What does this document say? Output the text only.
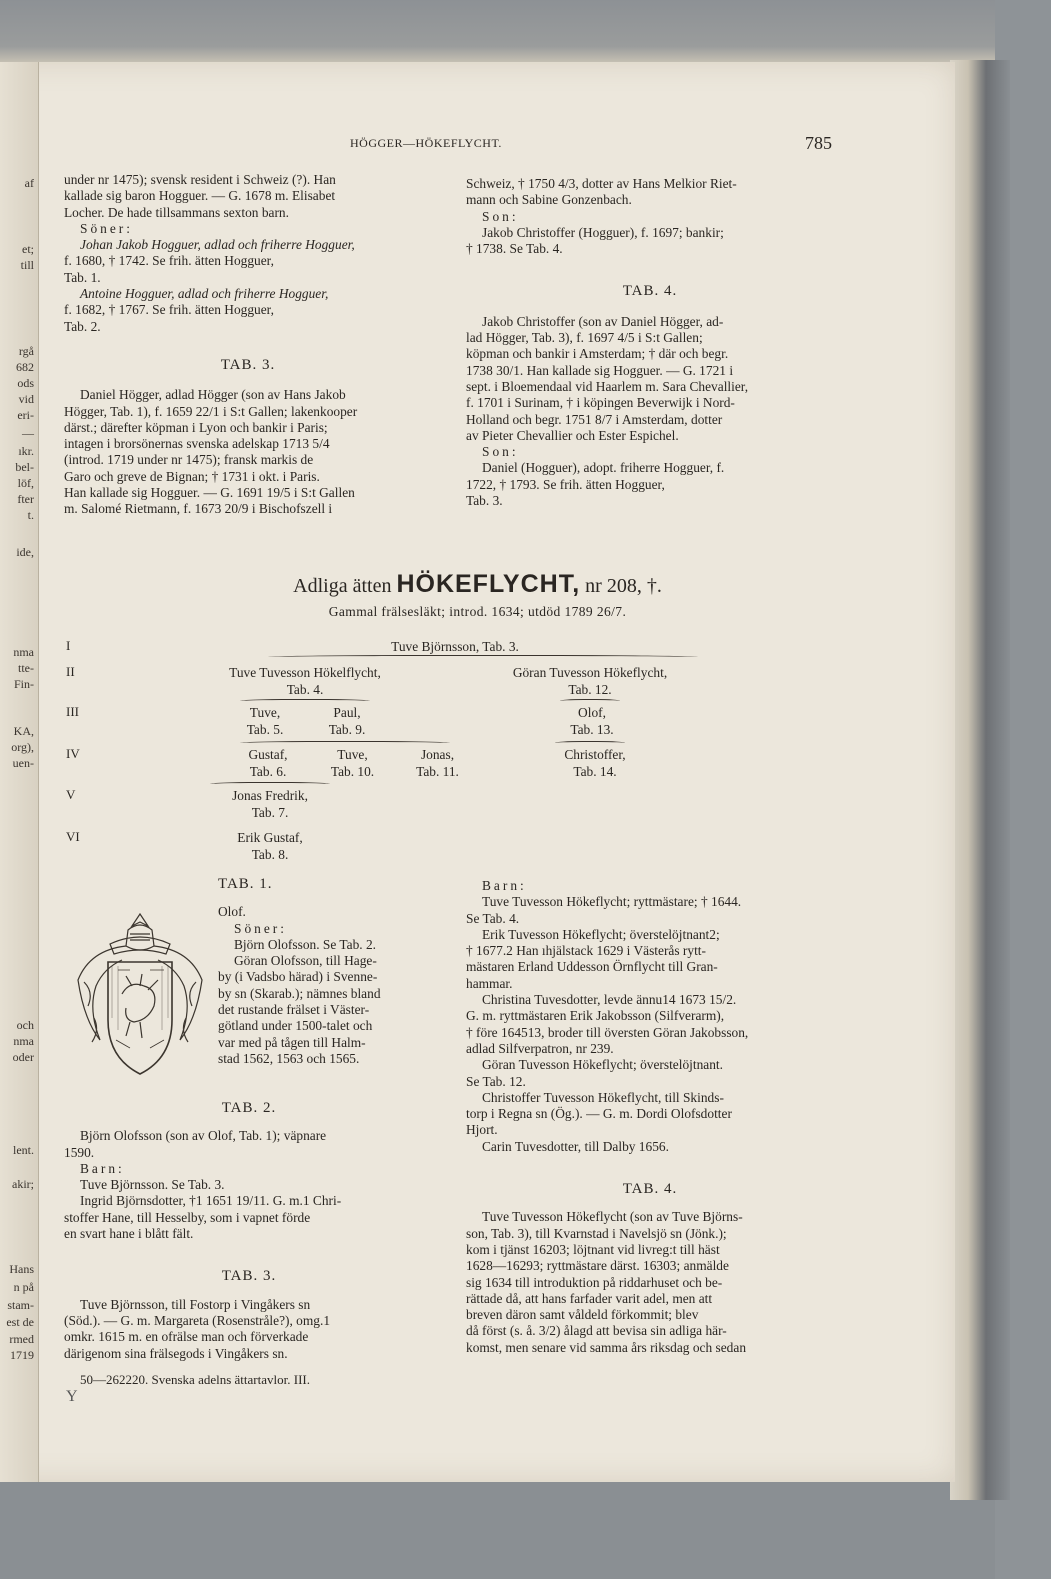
af
et;
till
rgå
682
ods
vid
eri-
—
ıkr.
bel-
löf,
fter
t.
ide,
nma
tte-
Fin-
KA,
org),
uen-
och
nma
oder
lent.
akir;
Hans
n på
stam-
est de
rmed
1719
HÖGGER—HÖKEFLYCHT.	785

under nr 1475); svensk resident i Schweiz (?). Han

kallade sig baron Hogguer. — G. 1678 m. Elisabet

Locher. De hade tillsammans sexton barn.

Söner:

Johan Jakob Hogguer, adlad och friherre Hogguer,

f. 1680, † 1742. Se frih. ätten Hogguer,

Tab. 1.

Antoine Hogguer, adlad och friherre Hogguer,

f. 1682, † 1767. Se frih. ätten Hogguer,

Tab. 2.

TAB. 3.

Daniel Högger, adlad Högger (son av Hans Jakob

Högger, Tab. 1), f. 1659 22/1 i S:t Gallen; lakenkooper

därst.; därefter köpman i Lyon och bankir i Paris;

intagen i brorsönernas svenska adelskap 1713 5/4

(introd. 1719 under nr 1475); fransk markis de

Garo och greve de Bignan; † 1731 i okt. i Paris.

Han kallade sig Hogguer. — G. 1691 19/5 i S:t Gallen

m. Salomé Rietmann, f. 1673 20/9 i Bischofszell i

Schweiz, † 1750 4/3, dotter av Hans Melkior Riet-

mann och Sabine Gonzenbach.

Son:

Jakob Christoffer (Hogguer), f. 1697; bankir;

† 1738. Se Tab. 4.

TAB. 4.

Jakob Christoffer (son av Daniel Högger, ad-

lad Högger, Tab. 3), f. 1697 4/5 i S:t Gallen;

köpman och bankir i Amsterdam; † där och begr.

1738 30/1. Han kallade sig Hogguer. — G. 1721 i

sept. i Bloemendaal vid Haarlem m. Sara Chevallier,

f. 1701 i Surinam, † i köpingen Beverwijk i Nord-

Holland och begr. 1751 8/7 i Amsterdam, dotter

av Pieter Chevallier och Ester Espichel.

Son:

Daniel (Hogguer), adopt. friherre Hogguer, f.

1722, † 1793. Se frih. ätten Hogguer,

Tab. 3.

Adliga ätten HÖKEFLYCHT, nr 208, †.
Gammal frälsesläkt; introd. 1634; utdöd 1789 26/7.
I
II
III
IV
V
VI
Tuve Björnsson, Tab. 3.
Tuve Tuvesson Hökelflycht,
Tab. 4.
Göran Tuvesson Hökeflycht,
Tab. 12.
Tuve,
Tab. 5.
Paul,
Tab. 9.
Olof,
Tab. 13.
Gustaf,
Tab. 6.
Tuve,
Tab. 10.
Jonas,
Tab. 11.
Christoffer,
Tab. 14.
Jonas Fredrik,
Tab. 7.
Erik Gustaf,
Tab. 8.
TAB. 1.

Olof.

Söner:

Björn Olofsson. Se Tab. 2.

Göran Olofsson, till Hage-

by (i Vadsbo härad) i Svenne-

by sn (Skarab.); nämnes bland

det rustande frälset i Väster-

götland under 1500-talet och

var med på tågen till Halm-

stad 1562, 1563 och 1565.

TAB. 2.

Björn Olofsson (son av Olof, Tab. 1); väpnare

1590.

Barn:

Tuve Björnsson. Se Tab. 3.

Ingrid Björnsdotter, †1 1651 19/11. G. m.1 Chri-

stoffer Hane, till Hesselby, som i vapnet förde

en svart hane i blått fält.

TAB. 3.

Tuve Björnsson, till Fostorp i Vingåkers sn

(Söd.). — G. m. Margareta (Rosenstråle?), omg.1

omkr. 1615 m. en ofrälse man och förverkade

därigenom sina frälsegods i Vingåkers sn.

Barn:

Tuve Tuvesson Hökeflycht; ryttmästare; † 1644.

Se Tab. 4.

Erik Tuvesson Hökeflycht; överstelöjtnant2;

† 1677.2 Han ıhjälstack 1629 i Västerås rytt-

mästaren Erland Uddesson Örnflycht till Gran-

hammar.

Christina Tuvesdotter, levde ännu14 1673 15/2.

G. m. ryttmästaren Erik Jakobsson (Silfverarm),

† före 164513, broder till översten Göran Jakobsson,

adlad Silfverpatron, nr 239.

Göran Tuvesson Hökeflycht; överstelöjtnant.

Se Tab. 12.

Christoffer Tuvesson Hökeflycht, till Skinds-

torp i Regna sn (Ög.). — G. m. Dordi Olofsdotter

Hjort.

Carin Tuvesdotter, till Dalby 1656.

TAB. 4.

Tuve Tuvesson Hökeflycht (son av Tuve Björns-

son, Tab. 3), till Kvarnstad i Navelsjö sn (Jönk.);

kom i tjänst 16203; löjtnant vid livreg:t till häst

1628—16293; ryttmästare därst. 16303; anmälde

sig 1634 till introduktion på riddarhuset och be-

rättade då, att hans farfader varit adel, men att

breven däron samt våldeld förkommit; blev

då först (s. å. 3/2) ålagd att bevisa sin adliga här-

komst, men senare vid samma års riksdag och sedan

50—262220. Svenska adelns ättartavlor. III.
Y
